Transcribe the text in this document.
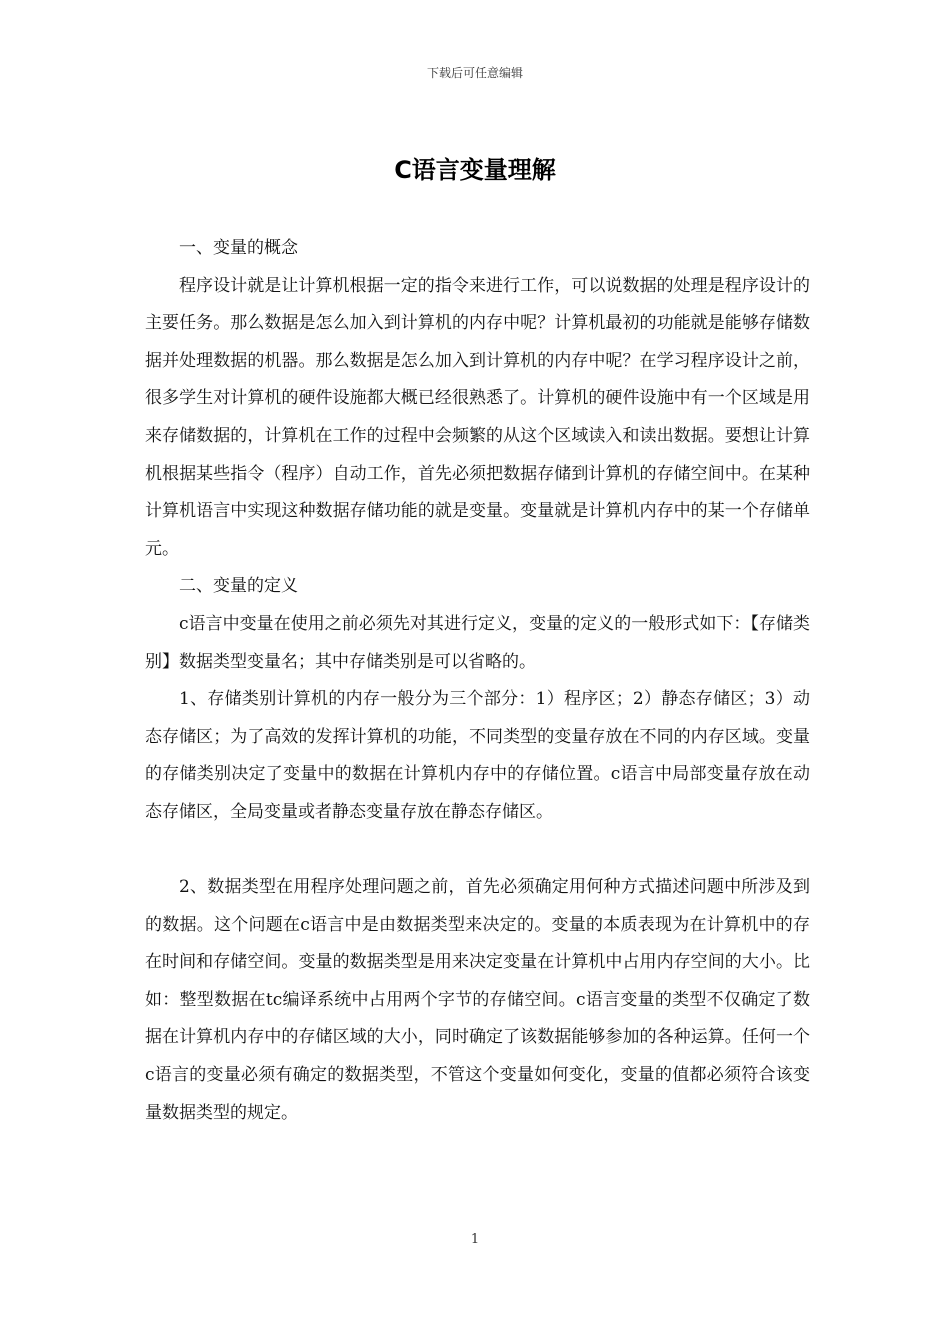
下载后可任意编辑
C语言变量理解

一、变量的概念

程序设计就是让计算机根据一定的指令来进行工作，可以说数据的处理是程序设计的主要任务。那么数据是怎么加入到计算机的内存中呢？计算机最初的功能就是能够存储数据并处理数据的机器。那么数据是怎么加入到计算机的内存中呢？在学习程序设计之前，很多学生对计算机的硬件设施都大概已经很熟悉了。计算机的硬件设施中有一个区域是用来存储数据的，计算机在工作的过程中会频繁的从这个区域读入和读出数据。要想让计算机根据某些指令（程序）自动工作，首先必须把数据存储到计算机的存储空间中。在某种计算机语言中实现这种数据存储功能的就是变量。变量就是计算机内存中的某一个存储单元。

二、变量的定义

c语言中变量在使用之前必须先对其进行定义，变量的定义的一般形式如下：【存储类别】数据类型变量名；其中存储类别是可以省略的。

1、存储类别计算机的内存一般分为三个部分：1）程序区；2）静态存储区；3）动态存储区；为了高效的发挥计算机的功能，不同类型的变量存放在不同的内存区域。变量的存储类别决定了变量中的数据在计算机内存中的存储位置。c语言中局部变量存放在动态存储区，全局变量或者静态变量存放在静态存储区。

2、数据类型在用程序处理问题之前，首先必须确定用何种方式描述问题中所涉及到的数据。这个问题在c语言中是由数据类型来决定的。变量的本质表现为在计算机中的存在时间和存储空间。变量的数据类型是用来决定变量在计算机中占用内存空间的大小。比如：整型数据在tc编译系统中占用两个字节的存储空间。c语言变量的类型不仅确定了数据在计算机内存中的存储区域的大小，同时确定了该数据能够参加的各种运算。任何一个c语言的变量必须有确定的数据类型，不管这个变量如何变化，变量的值都必须符合该变量数据类型的规定。

1
